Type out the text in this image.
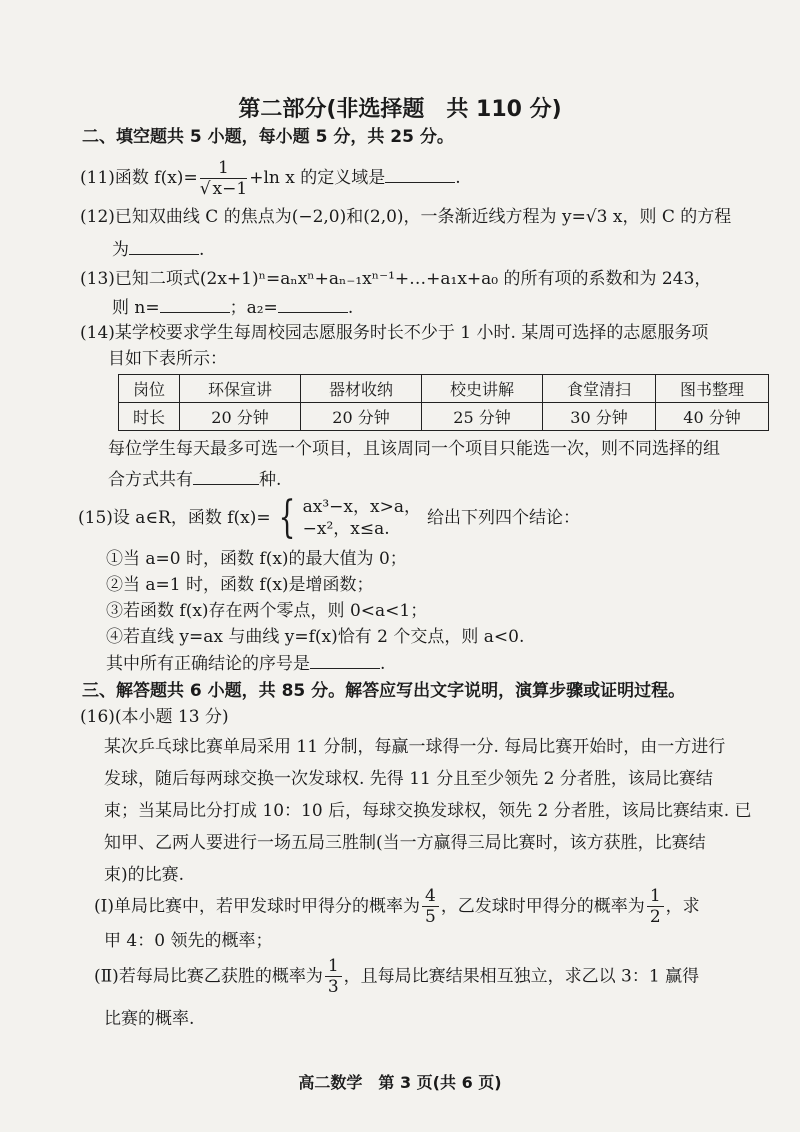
第二部分(非选择题　共 110 分)
二、填空题共 5 小题，每小题 5 分，共 25 分。
(11)函数 $f(x)= \frac{1}{√ x-1} +\ln$ x 的定义域是	.
(12)已知双曲线 C 的焦点为(−2,0)和(2,0)，一条渐近线方程为 y=√3 x，则 C 的方程
为	.
(13)已知二项式(2x+1)ⁿ=aₙxⁿ+aₙ₋₁xⁿ⁻¹+…+a₁x+a₀ 的所有项的系数和为 243，
则 n=	；a₂=	.
(14)某学校要求学生每周校园志愿服务时长不少于 1 小时. 某周可选择的志愿服务项
目如下表所示：
岗位	环保宣讲	器材收纳	校史讲解	食堂清扫	图书整理
时长	20 分钟	20 分钟	25 分钟	30 分钟	40 分钟
每位学生每天最多可选一个项目，且该周同一个项目只能选一次，则不同选择的组
合方式共有	种.
(15)设 a∈R，函数 f(x)= { ax³−x，x>a，
−x²，x≤a.
给出下列四个结论：
①当 a=0 时，函数 f(x)的最大值为 0；
②当 a=1 时，函数 f(x)是增函数；
③若函数 f(x)存在两个零点，则 0<a<1；
④若直线 y=ax 与曲线 y=f(x)恰有 2 个交点，则 a<0.
其中所有正确结论的序号是	.
三、解答题共 6 小题，共 85 分。解答应写出文字说明，演算步骤或证明过程。
(16)(本小题 13 分)
某次乒乓球比赛单局采用 11 分制，每赢一球得一分. 每局比赛开始时，由一方进行
发球，随后每两球交换一次发球权. 先得 11 分且至少领先 2 分者胜，该局比赛结
束；当某局比分打成 10：10 后，每球交换发球权，领先 2 分者胜，该局比赛结束. 已
知甲、乙两人要进行一场五局三胜制(当一方赢得三局比赛时，该方获胜，比赛结
束)的比赛.
(Ⅰ)单局比赛中，若甲发球时甲得分的概率为 $\frac{4}{5}$ ，乙发球时甲得分的概率为 $\frac{1}{2}$ ，求
甲 4：0 领先的概率；
(Ⅱ)若每局比赛乙获胜的概率为 $\frac{1}{3}$ ，且每局比赛结果相互独立，求乙以 3：1 赢得
比赛的概率.
高二数学　第 3 页(共 6 页)
